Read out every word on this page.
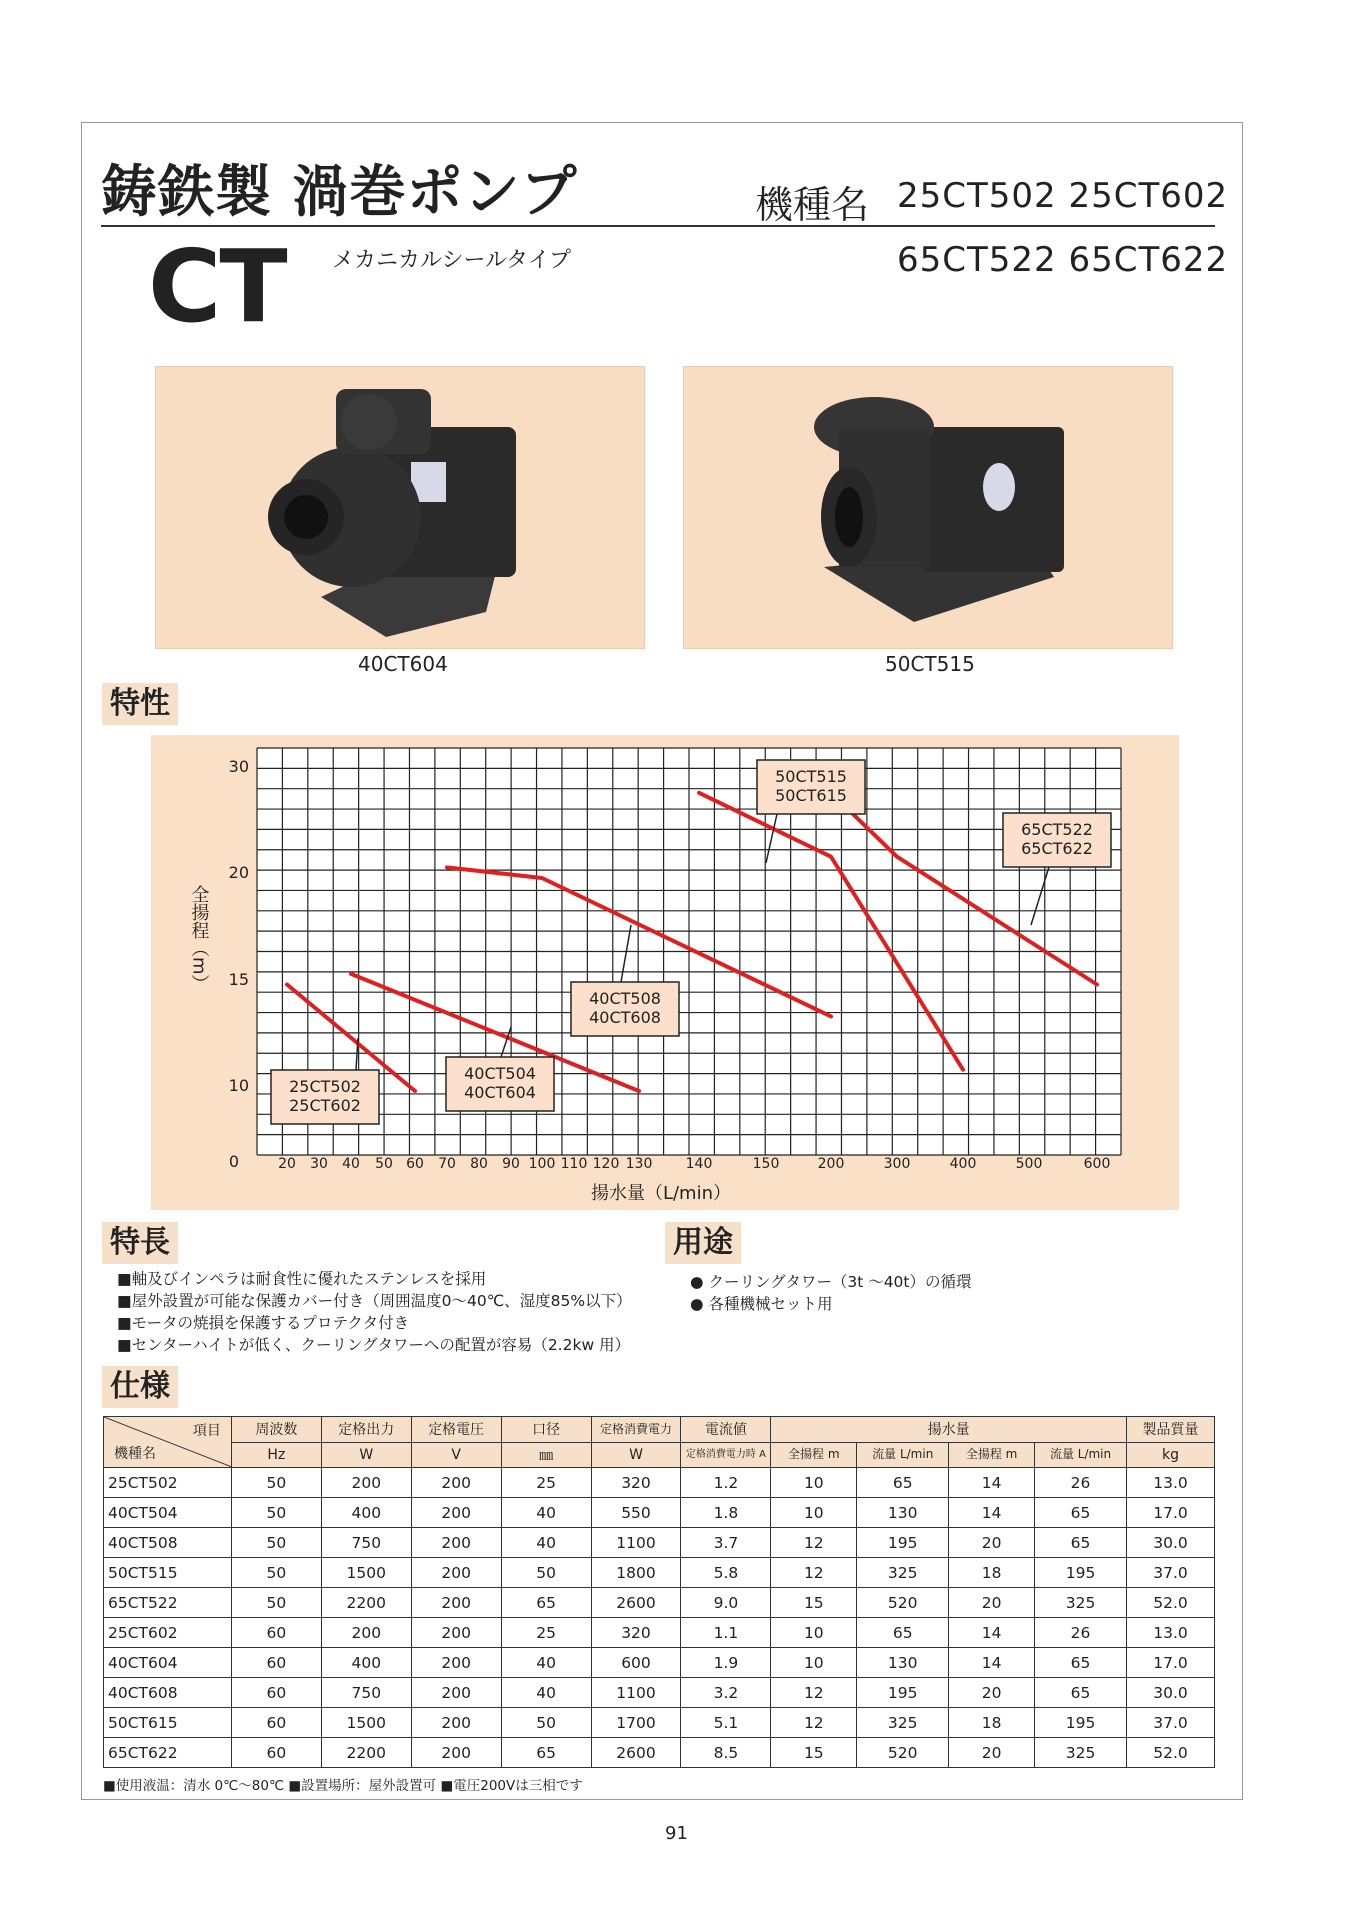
鋳鉄製 渦巻ポンプ
CT メカニカルシールタイプ
機種名 25CT502 25CT602
65CT522 65CT622
40CT604	50CT515
特性
0
10
15
20
30
20 30 40 50 60 70 80 90 100 110 120 130 140	150	200	300	400	500	600
揚水量（L/min）
全揚程（m）
25CT502
25CT602
40CT504
40CT604
40CT508
40CT608
50CT515
50CT615
65CT522
65CT622
特長
■軸及びインペラは耐食性に優れたステンレスを採用
■屋外設置が可能な保護カバー付き（周囲温度0～40℃、湿度85%以下）
■モータの焼損を保護するプロテクタ付き
■センターハイトが低く、クーリングタワーへの配置が容易（2.2kw 用）
用途
● クーリングタワー（3t ～40t）の循環
● 各種機械セット用
仕様
項目
機種名	周波数	定格出力	定格電圧	口径	定格消費電力	電流値	揚水量				製品質量
	Hz	W	V	㎜	W	定格消費電力時 A	全揚程 m	流量 L/min	全揚程 m	流量 L/min	kg
25CT502	50	200	200	25	320	1.2	10	65	14	26	13.0
40CT504	50	400	200	40	550	1.8	10	130	14	65	17.0
40CT508	50	750	200	40	1100	3.7	12	195	20	65	30.0
50CT515	50	1500	200	50	1800	5.8	12	325	18	195	37.0
65CT522	50	2200	200	65	2600	9.0	15	520	20	325	52.0
25CT602	60	200	200	25	320	1.1	10	65	14	26	13.0
40CT604	60	400	200	40	600	1.9	10	130	14	65	17.0
40CT608	60	750	200	40	1100	3.2	12	195	20	65	30.0
50CT615	60	1500	200	50	1700	5.1	12	325	18	195	37.0
65CT622	60	2200	200	65	2600	8.5	15	520	20	325	52.0
■使用液温：清水 0℃～80℃ ■設置場所：屋外設置可 ■電圧200Vは三相です
91
